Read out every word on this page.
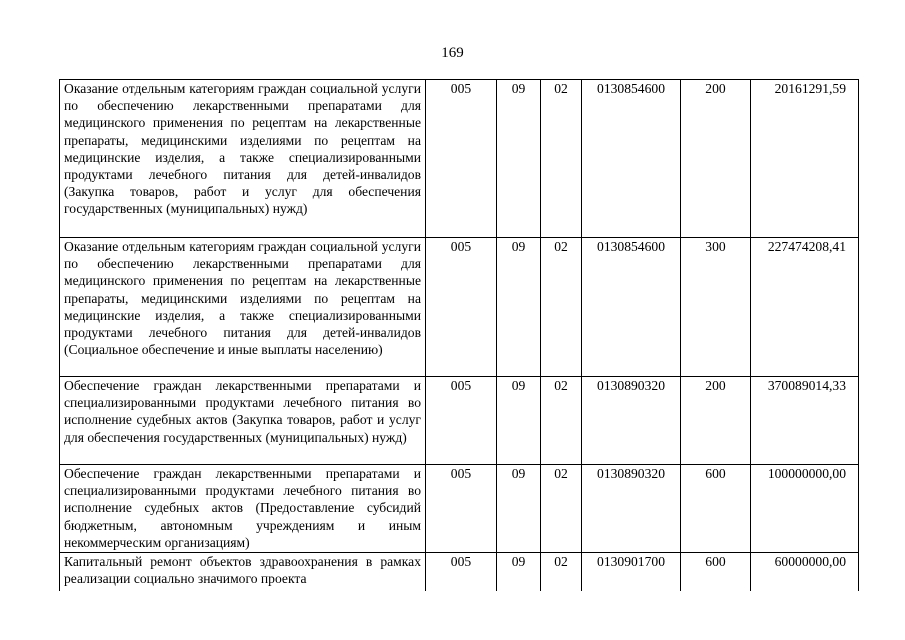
169
Оказание отдельным категориям граждан социальной услуги по обеспечению лекарственными препаратами для медицинского применения по рецептам на лекарственные препараты, медицинскими изделиями по рецептам на медицинские изделия, а также специализированными продуктами лечебного питания для детей-инвалидов (Закупка товаров, работ и услуг для обеспечения государственных (муниципальных) нужд)	005	09	02	0130854600	200	20161291,59
Оказание отдельным категориям граждан социальной услуги по обеспечению лекарственными препаратами для медицинского применения по рецептам на лекарственные препараты, медицинскими изделиями по рецептам на медицинские изделия, а также специализированными продуктами лечебного питания для детей-инвалидов (Социальное обеспечение и иные выплаты населению)	005	09	02	0130854600	300	227474208,41
Обеспечение граждан лекарственными препаратами и специализированными продуктами лечебного питания во исполнение судебных актов (Закупка товаров, работ и услуг для обеспечения государственных (муниципальных) нужд)	005	09	02	0130890320	200	370089014,33
Обеспечение граждан лекарственными препаратами и специализированными продуктами лечебного питания во исполнение судебных актов (Предоставление субсидий бюджетным, автономным учреждениям и иным некоммерческим организациям)	005	09	02	0130890320	600	100000000,00
Капитальный ремонт объектов здравоохранения в рамках реализации социально значимого проекта	005	09	02	0130901700	600	60000000,00
